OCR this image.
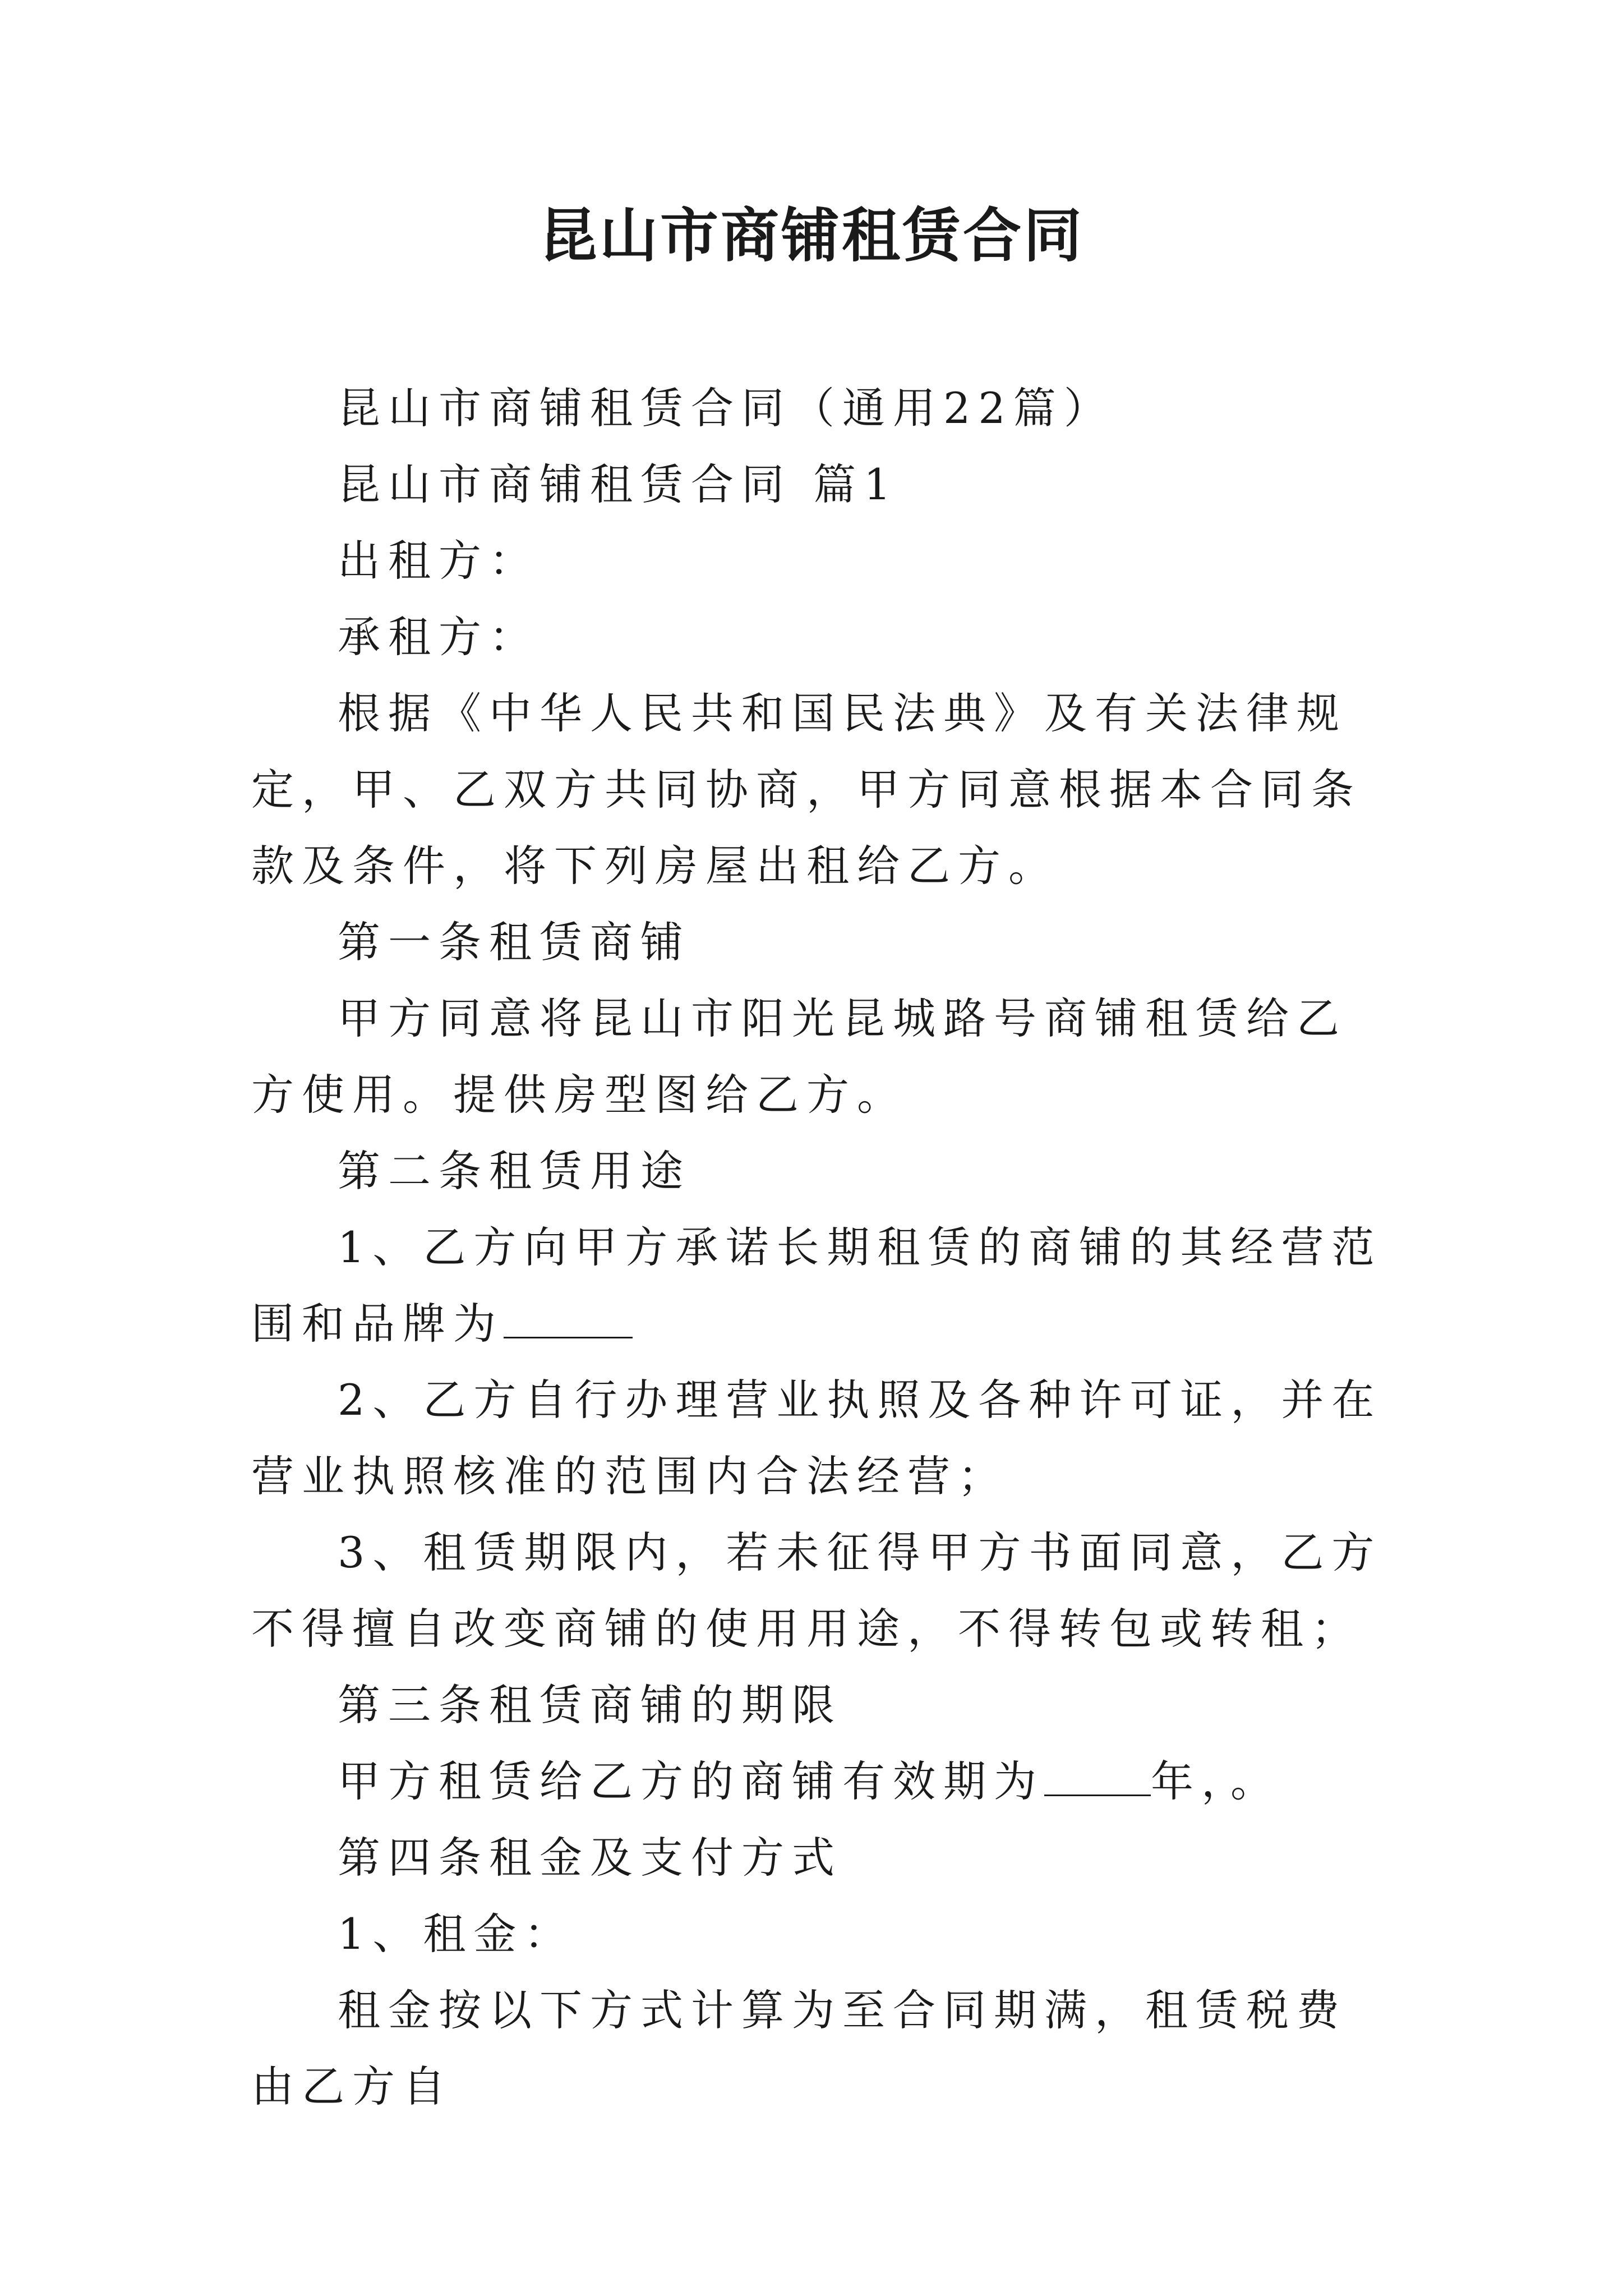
昆山市商铺租赁合同

昆山市商铺租赁合同（通用22篇）

昆山市商铺租赁合同 篇1

出租方：

承租方：

根据《中华人民共和国民法典》及有关法律规定，甲、乙双方共同协商，甲方同意根据本合同条款及条件，将下列房屋出租给乙方。

第一条租赁商铺

甲方同意将昆山市阳光昆城路号商铺租赁给乙方使用。提供房型图给乙方。

第二条租赁用途

1、乙方向甲方承诺长期租赁的商铺的其经营范围和品牌为

2、乙方自行办理营业执照及各种许可证，并在营业执照核准的范围内合法经营；

3、租赁期限内，若未征得甲方书面同意，乙方不得擅自改变商铺的使用用途，不得转包或转租；

第三条租赁商铺的期限

甲方租赁给乙方的商铺有效期为	年，。

第四条租金及支付方式

1、租金：

租金按以下方式计算为至合同期满，租赁税费由乙方自
